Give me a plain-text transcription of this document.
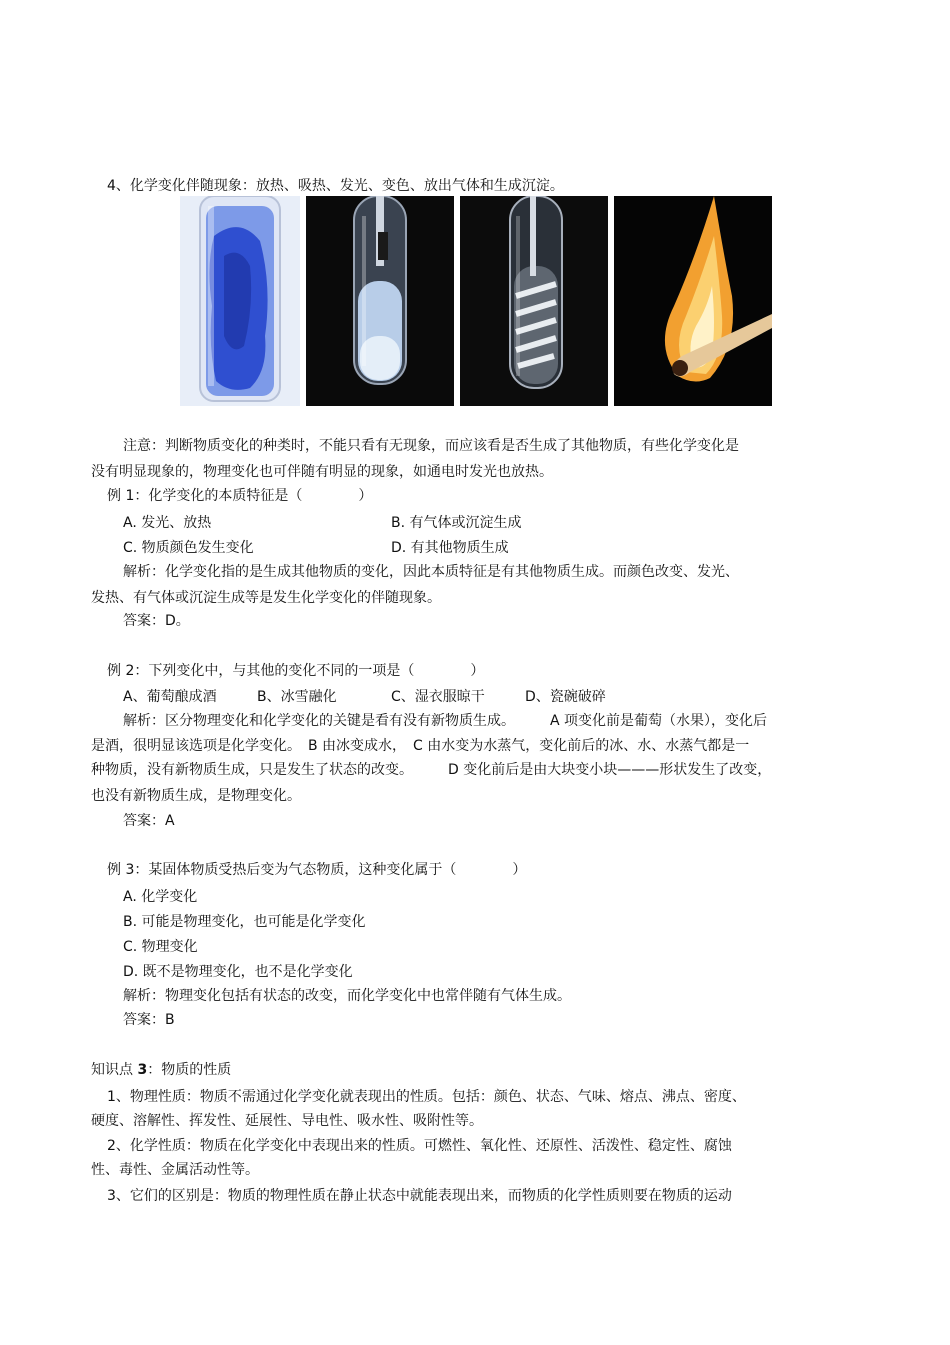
4、化学变化伴随现象：放热、吸热、发光、变色、放出气体和生成沉淀。
注意：判断物质变化的种类时，不能只看有无现象，而应该看是否生成了其他物质，有些化学变化是
没有明显现象的，物理变化也可伴随有明显的现象，如通电时发光也放热。
例 1：化学变化的本质特征是（　　　　）
A. 发光、放热	B. 有气体或沉淀生成
C. 物质颜色发生变化	D. 有其他物质生成
解析：化学变化指的是生成其他物质的变化，因此本质特征是有其他物质生成。而颜色改变、发光、
发热、有气体或沉淀生成等是发生化学变化的伴随现象。
答案：D。
例 2：下列变化中，与其他的变化不同的一项是（　　　　）
A、葡萄酿成酒	B、冰雪融化	C、湿衣服晾干	D、瓷碗破碎
解析：区分物理变化和化学变化的关键是看有没有新物质生成。　　　A 项变化前是葡萄（水果），变化后
是酒，很明显该选项是化学变化。　B 由冰变成水，　C 由水变为水蒸气，变化前后的冰、水、水蒸气都是一
种物质，没有新物质生成，只是发生了状态的改变。　　　D 变化前后是由大块变小块———形状发生了改变，
也没有新物质生成，是物理变化。
答案：A
例 3：某固体物质受热后变为气态物质，这种变化属于（　　　　）
A. 化学变化
B. 可能是物理变化，也可能是化学变化
C. 物理变化
D. 既不是物理变化，也不是化学变化
解析：物理变化包括有状态的改变，而化学变化中也常伴随有气体生成。
答案：B
知识点 3：物质的性质
1、物理性质：物质不需通过化学变化就表现出的性质。包括：颜色、状态、气味、熔点、沸点、密度、
硬度、溶解性、挥发性、延展性、导电性、吸水性、吸附性等。
2、化学性质：物质在化学变化中表现出来的性质。可燃性、氧化性、还原性、活泼性、稳定性、腐蚀
性、毒性、金属活动性等。
3、它们的区别是：物质的物理性质在静止状态中就能表现出来，而物质的化学性质则要在物质的运动
